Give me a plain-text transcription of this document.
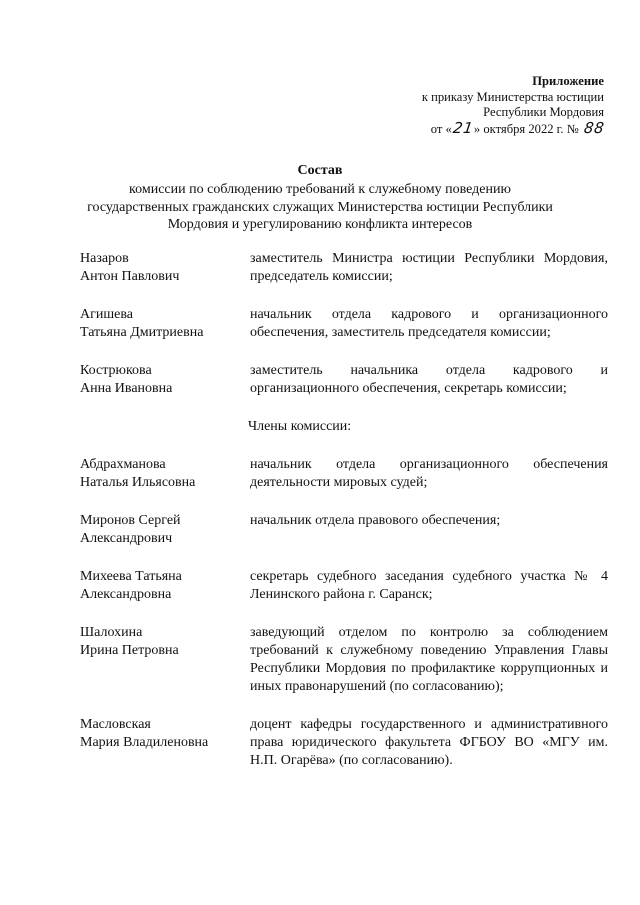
Приложение
к приказу Министерства юстиции
Республики Мордовия
от «21» октября 2022 г. № 88
Состав
комиссии по соблюдению требований к служебному поведению
государственных гражданских служащих Министерства юстиции Республики
Мордовия и урегулированию конфликта интересов
Назаров
Антон Павлович
заместитель Министра юстиции Республики Мордовия, председатель комиссии;
Агишева
Татьяна Дмитриевна
начальник отдела кадрового и организационного обеспечения, заместитель председателя комиссии;
Кострюкова
Анна Ивановна
заместитель начальника отдела кадрового и организационного обеспечения, секретарь комиссии;
Члены комиссии:
Абдрахманова
Наталья Ильясовна
начальник отдела организационного обеспечения деятельности мировых судей;
Миронов Сергей
Александрович
начальник отдела правового обеспечения;
Михеева Татьяна
Александровна
секретарь судебного заседания судебного участка № 4 Ленинского района г. Саранск;
Шалохина
Ирина Петровна
заведующий отделом по контролю за соблюдением требований к служебному поведению Управления Главы Республики Мордовия по профилактике коррупционных и иных правонарушений (по согласованию);
Масловская
Мария Владиленовна
доцент кафедры государственного и административного права юридического факультета ФГБОУ ВО «МГУ им. Н.П. Огарёва» (по согласованию).
